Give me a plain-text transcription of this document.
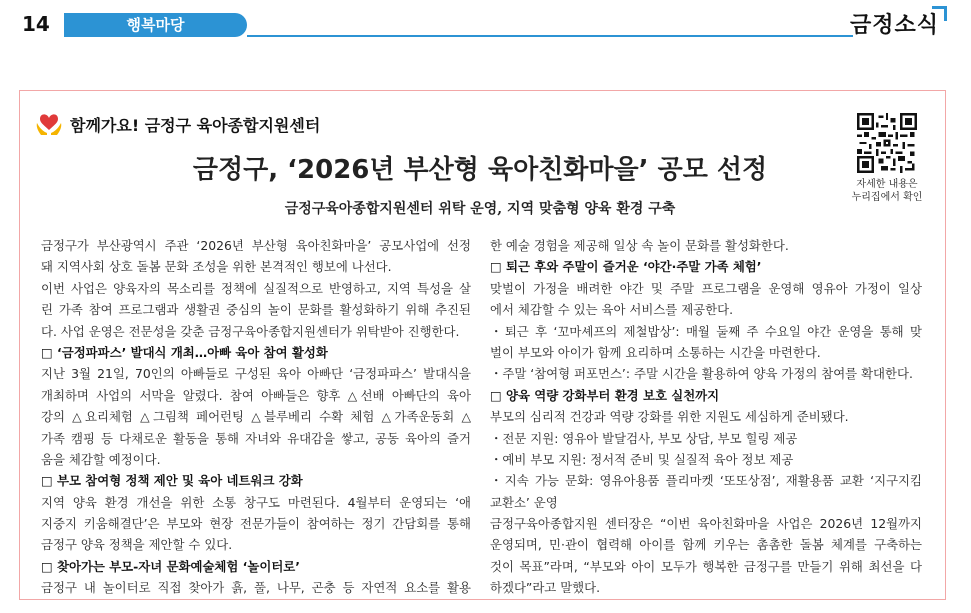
14	행복마당	금정소식
함께가요! 금정구 육아종합지원센터
금정구, ‘2026년 부산형 육아친화마을’ 공모 선정
금정구육아종합지원센터 위탁 운영, 지역 맞춤형 양육 환경 구축
자세한 내용은
누리집에서 확인
금정구가 부산광역시 주관 ‘2026년 부산형 육아친화마을’ 공모사업에 선정
돼 지역사회 상호 돌봄 문화 조성을 위한 본격적인 행보에 나선다.
이번 사업은 양육자의 목소리를 정책에 실질적으로 반영하고, 지역 특성을 살
린 가족 참여 프로그램과 생활권 중심의 놀이 문화를 활성화하기 위해 추진된
다. 사업 운영은 전문성을 갖춘 금정구육아종합지원센터가 위탁받아 진행한다.
□ ‘금정파파스’ 발대식 개최…아빠 육아 참여 활성화
지난 3월 21일, 70인의 아빠들로 구성된 육아 아빠단 ‘금정파파스’ 발대식을
개최하며 사업의 서막을 알렸다. 참여 아빠들은 향후 △선배 아빠단의 육아
강의 △요리체험 △그림책 페어런팅 △블루베리 수확 체험 △가족운동회 △
가족 캠핑 등 다채로운 활동을 통해 자녀와 유대감을 쌓고, 공동 육아의 즐거
움을 체감할 예정이다.
□ 부모 참여형 정책 제안 및 육아 네트워크 강화
지역 양육 환경 개선을 위한 소통 창구도 마련된다. 4월부터 운영되는 ‘애
지중지 키움해결단’은 부모와 현장 전문가들이 참여하는 정기 간담회를 통해
금정구 양육 정책을 제안할 수 있다.
□ 찾아가는 부모-자녀 문화예술체험 ‘놀이터로’
금정구 내 놀이터로 직접 찾아가 흙, 풀, 나무, 곤충 등 자연적 요소를 활용
한 예술 경험을 제공해 일상 속 놀이 문화를 활성화한다.
□ 퇴근 후와 주말이 즐거운 ‘야간·주말 가족 체험’
맞벌이 가정을 배려한 야간 및 주말 프로그램을 운영해 영유아 가정이 일상
에서 체감할 수 있는 육아 서비스를 제공한다.
・퇴근 후 ‘꼬마셰프의 제철밥상’: 매월 둘째 주 수요일 야간 운영을 통해 맞
벌이 부모와 아이가 함께 요리하며 소통하는 시간을 마련한다.
・주말 ‘참여형 퍼포먼스’: 주말 시간을 활용하여 양육 가정의 참여를 확대한다.
□ 양육 역량 강화부터 환경 보호 실천까지
부모의 심리적 건강과 역량 강화를 위한 지원도 세심하게 준비됐다.
・전문 지원: 영유아 발달검사, 부모 상담, 부모 힐링 제공
・예비 부모 지원: 정서적 준비 및 실질적 육아 정보 제공
・지속 가능 문화: 영유아용품 플리마켓 ‘또또상점’, 재활용품 교환 ‘지구지킴
교환소’ 운영
금정구육아종합지원 센터장은 “이번 육아친화마을 사업은 2026년 12월까지
운영되며, 민·관이 협력해 아이를 함께 키우는 촘촘한 돌봄 체계를 구축하는
것이 목표”라며, “부모와 아이 모두가 행복한 금정구를 만들기 위해 최선을 다
하겠다”라고 말했다.
